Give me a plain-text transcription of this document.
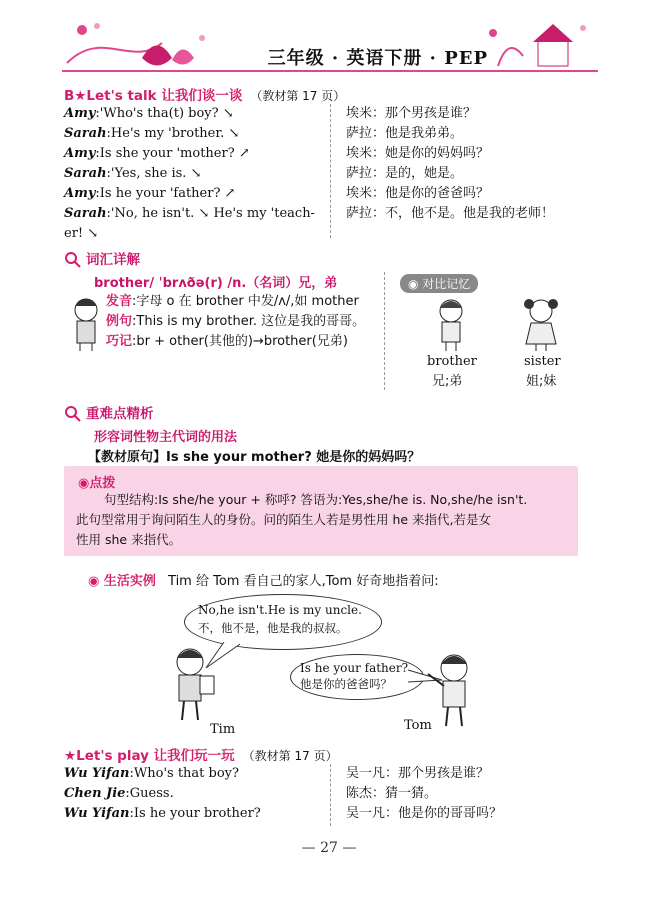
三年级 · 英语下册 · PEP
B★Let's talk 让我们谈一谈 （教材第 17 页）
Amy:'Who's tha(t) boy? ↘	埃米：那个男孩是谁？
Sarah:He's my 'brother. ↘	萨拉：他是我弟弟。
Amy:Is she your 'mother? ↗	埃米：她是你的妈妈吗？
Sarah:'Yes, she is. ↘	萨拉：是的，她是。
Amy:Is he your 'father? ↗	埃米：他是你的爸爸吗？
Sarah:'No, he isn't. ↘ He's my 'teach- 萨拉：不，他不是。他是我的老师！
er! ↘
词汇详解
brother/ ˈbrʌðə(r) /n.（名词）兄，弟
发音:字母 o 在 brother 中发/ʌ/,如 mother
例句:This is my brother. 这位是我的哥哥。
巧记:br + other(其他的)→brother(兄弟)
◉ 对比记忆
brother
兄;弟
sister
姐;妹
重难点精析
形容词性物主代词的用法
【教材原句】Is she your mother? 她是你的妈妈吗？
◉点拨
句型结构:Is she/he your + 称呼? 答语为:Yes,she/he is. No,she/he isn't.
此句型常用于询问陌生人的身份。问的陌生人若是男性用 he 来指代,若是女
性用 she 来指代。
◉ 生活实例 Tim 给 Tom 看自己的家人,Tom 好奇地指着问:
No,he isn't.He is my uncle.
不，他不是，他是我的叔叔。
Is he your father?
他是你的爸爸吗？
Tim	Tom
★Let's play 让我们玩一玩 （教材第 17 页）
Wu Yifan:Who's that boy?	吴一凡：那个男孩是谁？
Chen Jie:Guess.	陈杰：猜一猜。
Wu Yifan:Is he your brother?	吴一凡：他是你的哥哥吗？
— 27 —
